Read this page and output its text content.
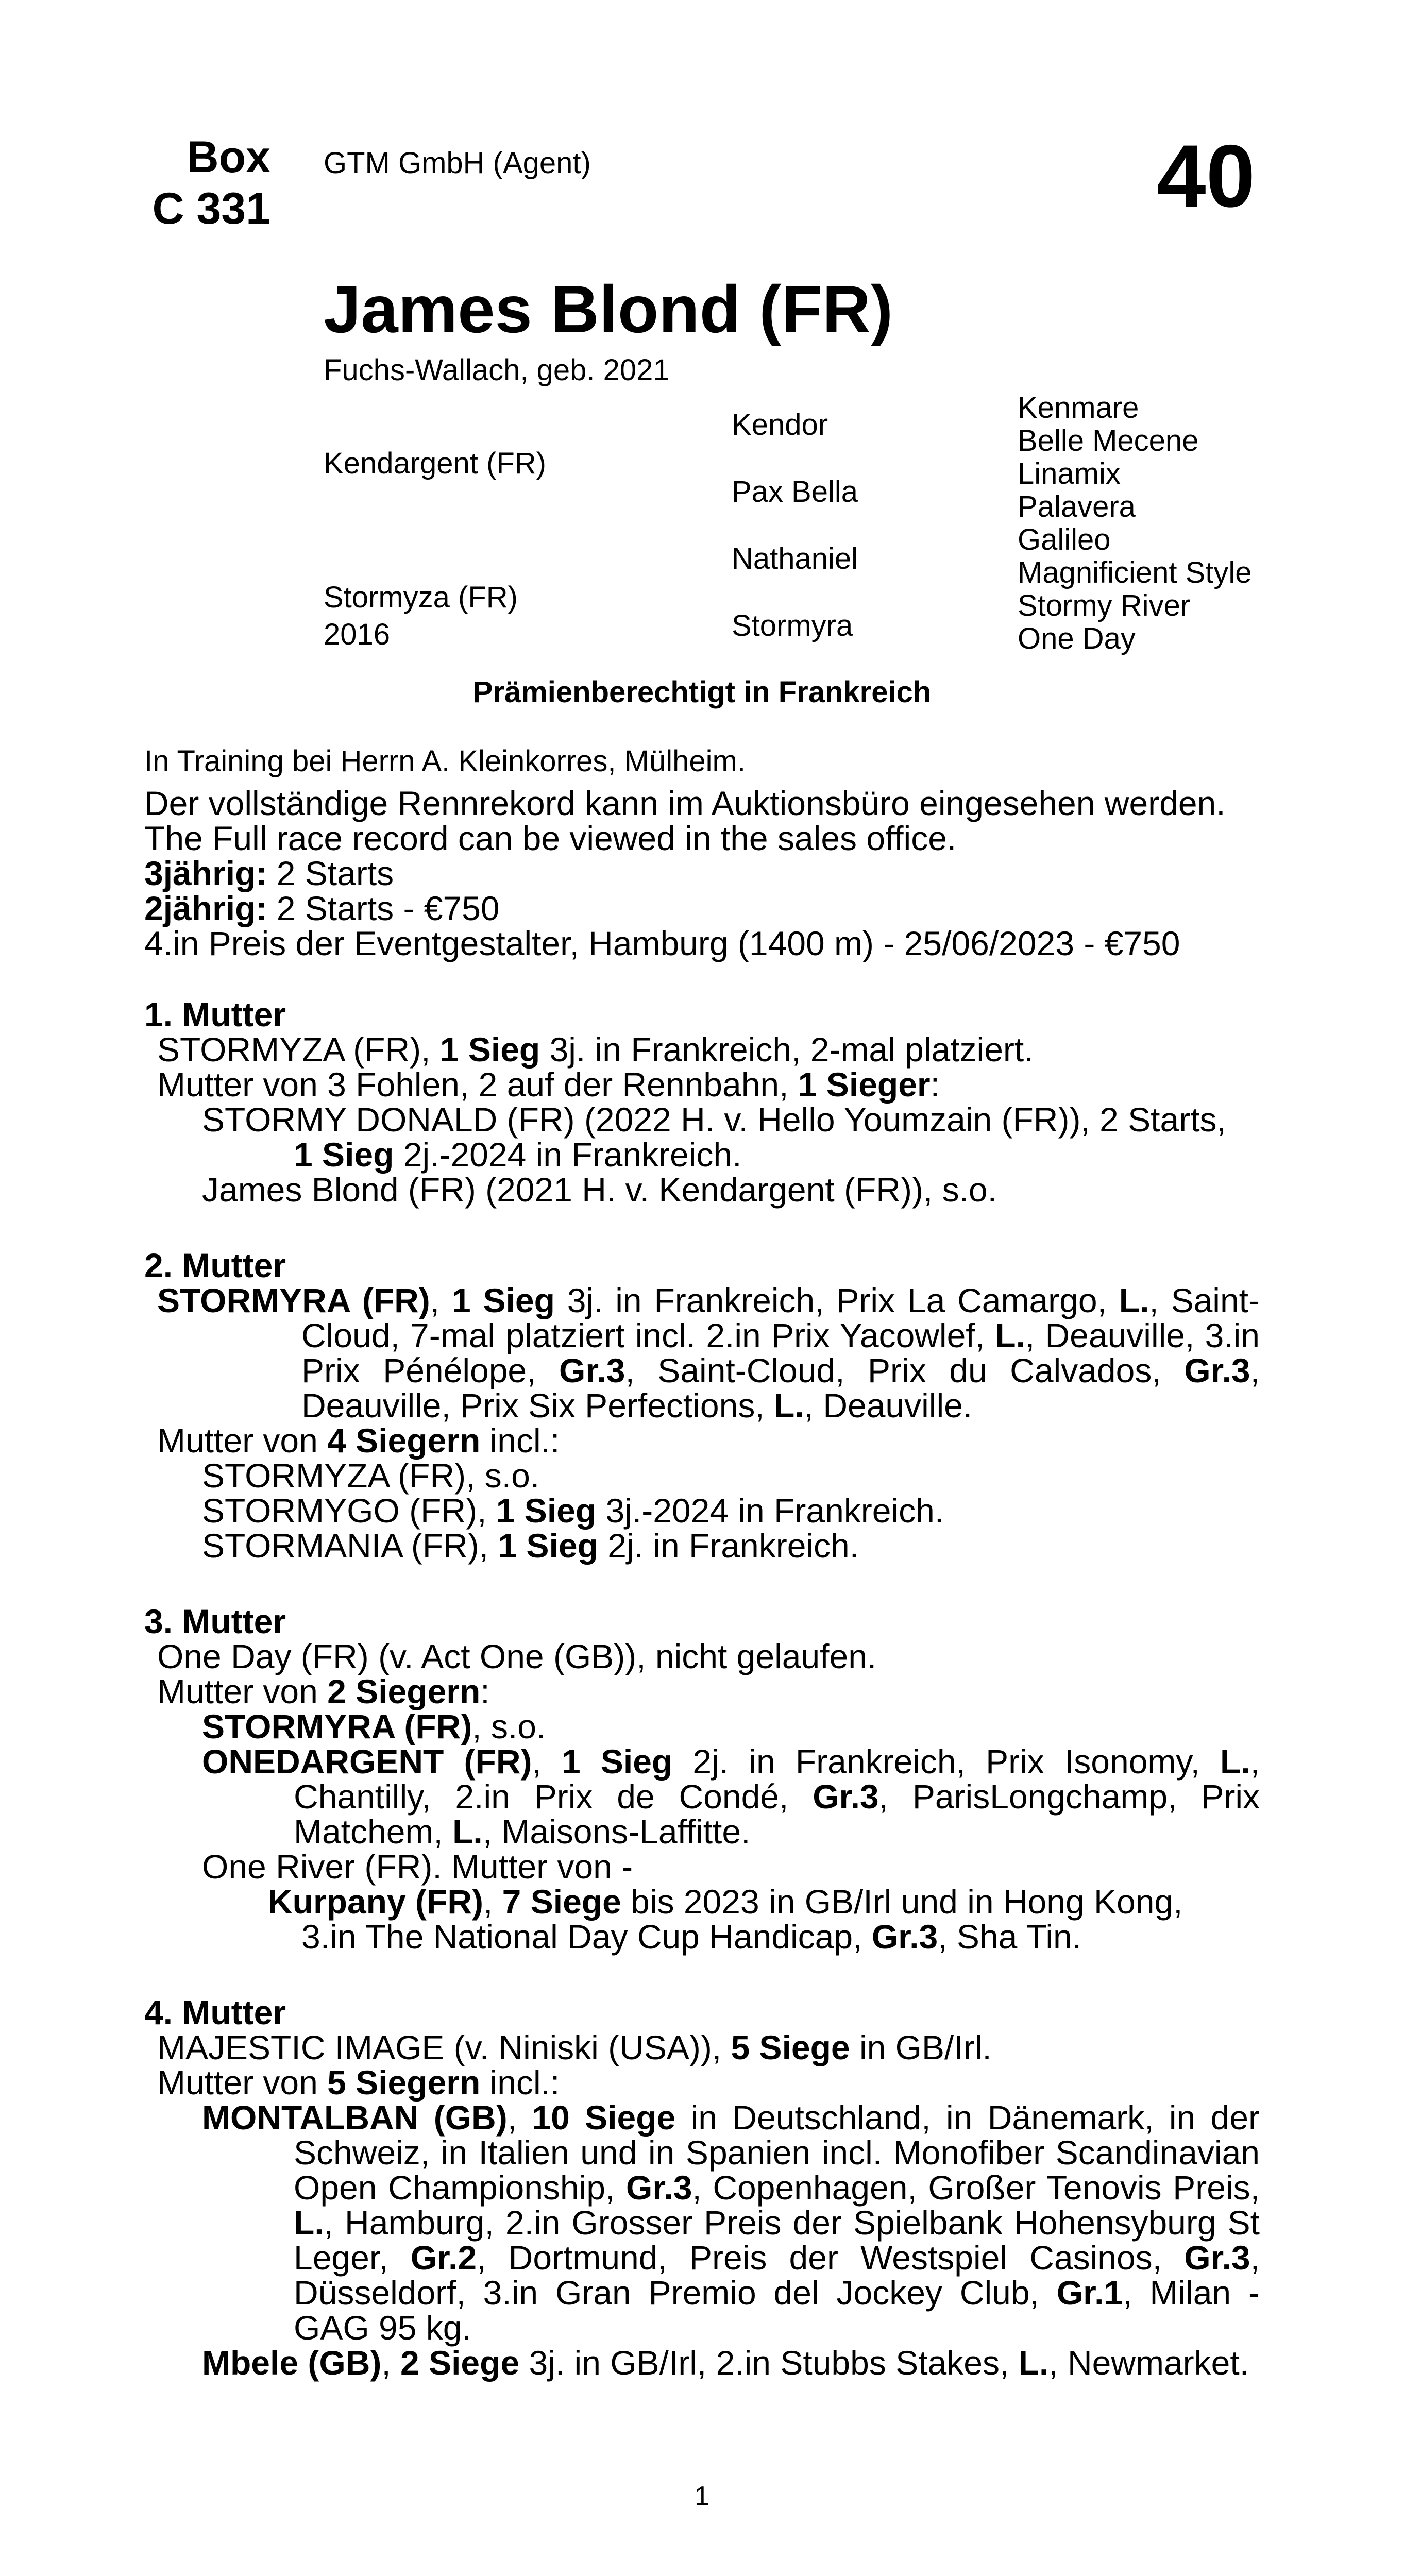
Box
C 331
GTM GmbH (Agent)	40
James Blond (FR)
Fuchs-Wallach, geb. 2021
Kendargent (FR)
Stormyza (FR)
2016
Kendor
Pax Bella
Nathaniel
Stormyra
Kenmare
Belle Mecene
Linamix
Palavera
Galileo
Magnificient Style
Stormy River
One Day
Prämienberechtigt in Frankreich
In Training bei Herrn A. Kleinkorres, Mülheim.
Der vollständige Rennrekord kann im Auktionsbüro eingesehen werden.
The Full race record can be viewed in the sales office.
3jährig: 2 Starts
2jährig: 2 Starts - €750
4.in Preis der Eventgestalter, Hamburg (1400 m) - 25/06/2023 - €750
1. Mutter
STORMYZA (FR), 1 Sieg 3j. in Frankreich, 2-mal platziert.
Mutter von 3 Fohlen, 2 auf der Rennbahn, 1 Sieger:
STORMY DONALD (FR) (2022 H. v. Hello Youmzain (FR)), 2 Starts,
1 Sieg 2j.-2024 in Frankreich.
James Blond (FR) (2021 H. v. Kendargent (FR)), s.o.
2. Mutter
STORMYRA (FR), 1 Sieg 3j. in Frankreich, Prix La Camargo, L., Saint-Cloud, 7-mal platziert incl. 2.in Prix Yacowlef, L., Deauville, 3.in Prix Pénélope, Gr.3, Saint-Cloud, Prix du Calvados, Gr.3, Deauville, Prix Six Perfections, L., Deauville.
Mutter von 4 Siegern incl.:
STORMYZA (FR), s.o.
STORMYGO (FR), 1 Sieg 3j.-2024 in Frankreich.
STORMANIA (FR), 1 Sieg 2j. in Frankreich.
3. Mutter
One Day (FR) (v. Act One (GB)), nicht gelaufen.
Mutter von 2 Siegern:
STORMYRA (FR), s.o.
ONEDARGENT (FR), 1 Sieg 2j. in Frankreich, Prix Isonomy, L., Chantilly, 2.in Prix de Condé, Gr.3, ParisLongchamp, Prix Matchem, L., Maisons-Laffitte.
One River (FR). Mutter von -
Kurpany (FR), 7 Siege bis 2023 in GB/Irl und in Hong Kong,
3.in The National Day Cup Handicap, Gr.3, Sha Tin.
4. Mutter
MAJESTIC IMAGE (v. Niniski (USA)), 5 Siege in GB/Irl.
Mutter von 5 Siegern incl.:
MONTALBAN (GB), 10 Siege in Deutschland, in Dänemark, in der Schweiz, in Italien und in Spanien incl. Monofiber Scandinavian Open Championship, Gr.3, Copenhagen, Großer Tenovis Preis, L., Hamburg, 2.in Grosser Preis der Spielbank Hohensyburg St Leger, Gr.2, Dortmund, Preis der Westspiel Casinos, Gr.3, Düsseldorf, 3.in Gran Premio del Jockey Club, Gr.1, Milan - GAG 95 kg.
Mbele (GB), 2 Siege 3j. in GB/Irl, 2.in Stubbs Stakes, L., Newmarket.
1
